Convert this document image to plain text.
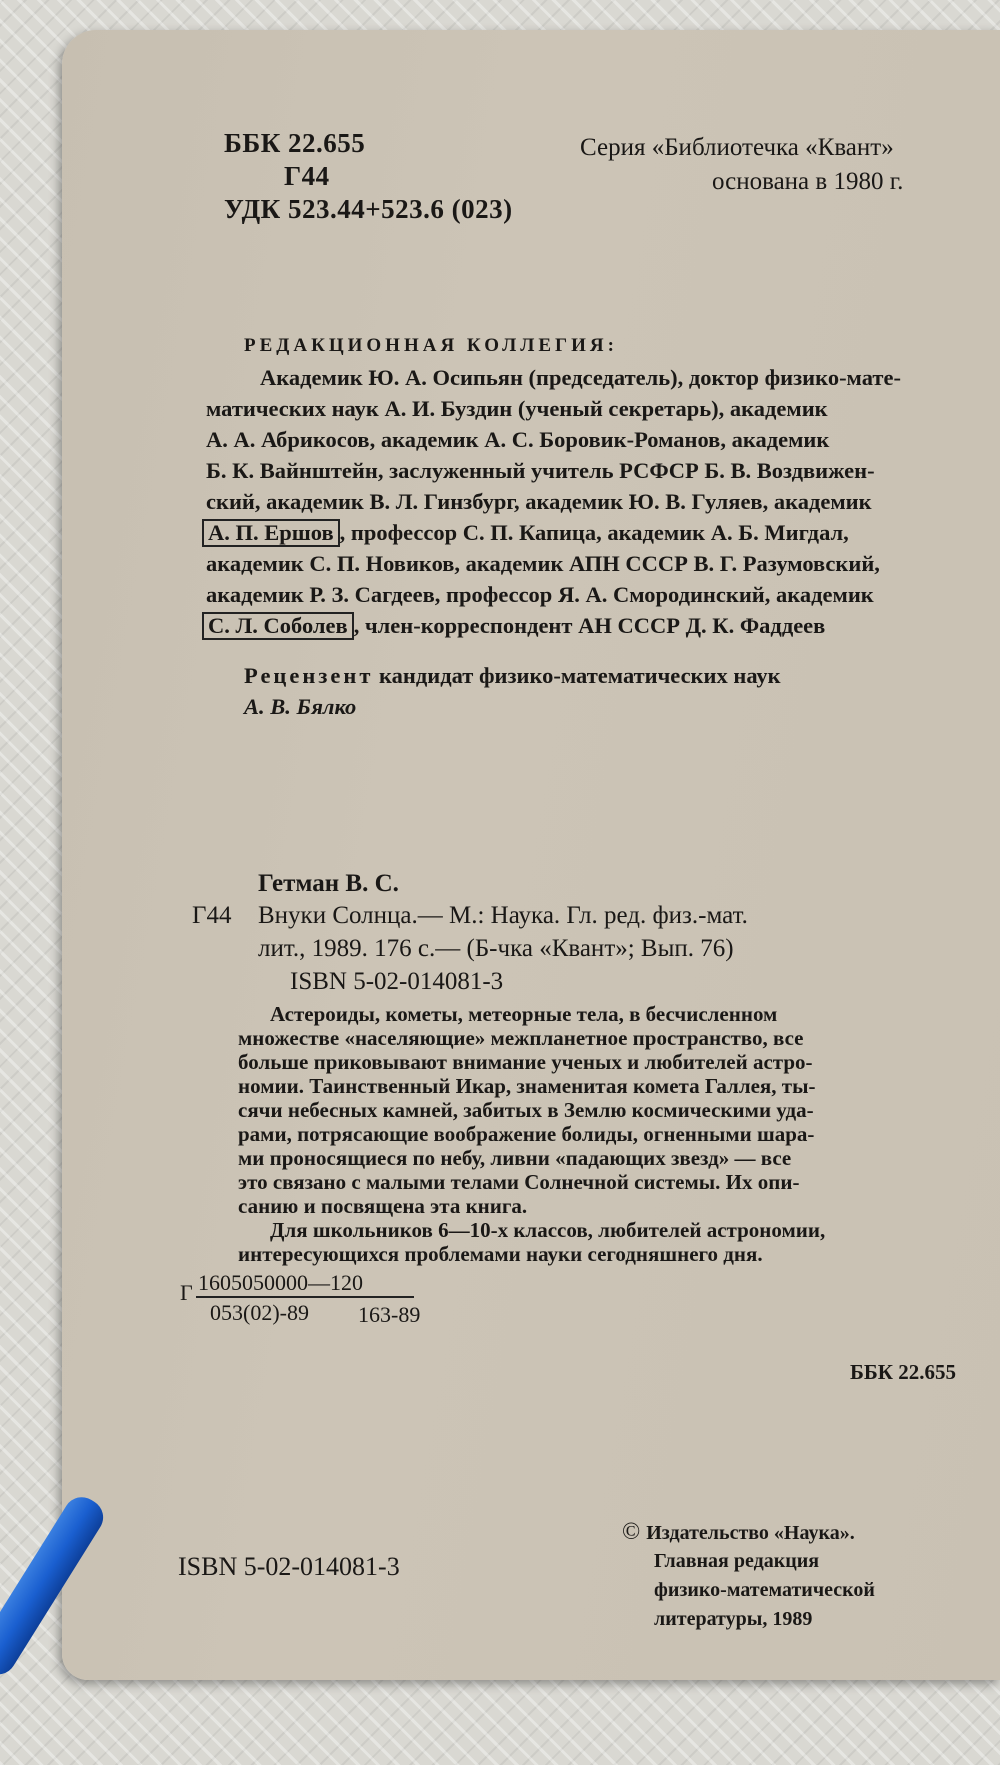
ББК 22.655
Г44
УДК 523.44+523.6 (023)
Серия «Библиотечка «Квант»
основана в 1980 г.
РЕДАКЦИОННАЯ КОЛЛЕГИЯ:
Академик Ю. А. Осипьян (председатель), доктор физико-мате-
матических наук А. И. Буздин (ученый секретарь), академик
А. А. Абрикосов, академик А. С. Боровик-Романов, академик
Б. К. Вайнштейн, заслуженный учитель РСФСР Б. В. Воздвижен-
ский, академик В. Л. Гинзбург, академик Ю. В. Гуляев, академик
А. П. Ершов , профессор С. П. Капица, академик А. Б. Мигдал,
академик С. П. Новиков, академик АПН СССР В. Г. Разумовский,
академик Р. З. Сагдеев, профессор Я. А. Смородинский, академик
С. Л. Соболев , член-корреспондент АН СССР Д. К. Фаддеев
Рецензент кандидат физико-математических наук
А. В. Бялко
Гетман В. С.
Г44 Внуки Солнца.— М.: Наука. Гл. ред. физ.-мат.
лит., 1989. 176 с.— (Б-чка «Квант»; Вып. 76)
ISBN 5-02-014081-3
Астероиды, кометы, метеорные тела, в бесчисленном
множестве «населяющие» межпланетное пространство, все
больше приковывают внимание ученых и любителей астро-
номии. Таинственный Икар, знаменитая комета Галлея, ты-
сячи небесных камней, забитых в Землю космическими уда-
рами, потрясающие воображение болиды, огненными шара-
ми проносящиеся по небу, ливни «падающих звезд» — все
это связано с малыми телами Солнечной системы. Их опи-
санию и посвящена эта книга.
Для школьников 6—10-х классов, любителей астрономии,
интересующихся проблемами науки сегодняшнего дня.
Г 1605050000—120
053(02)-89 163-89
ББК 22.655
ISBN 5-02-014081-3
© Издательство «Наука».
Главная редакция
физико-математической
литературы, 1989
